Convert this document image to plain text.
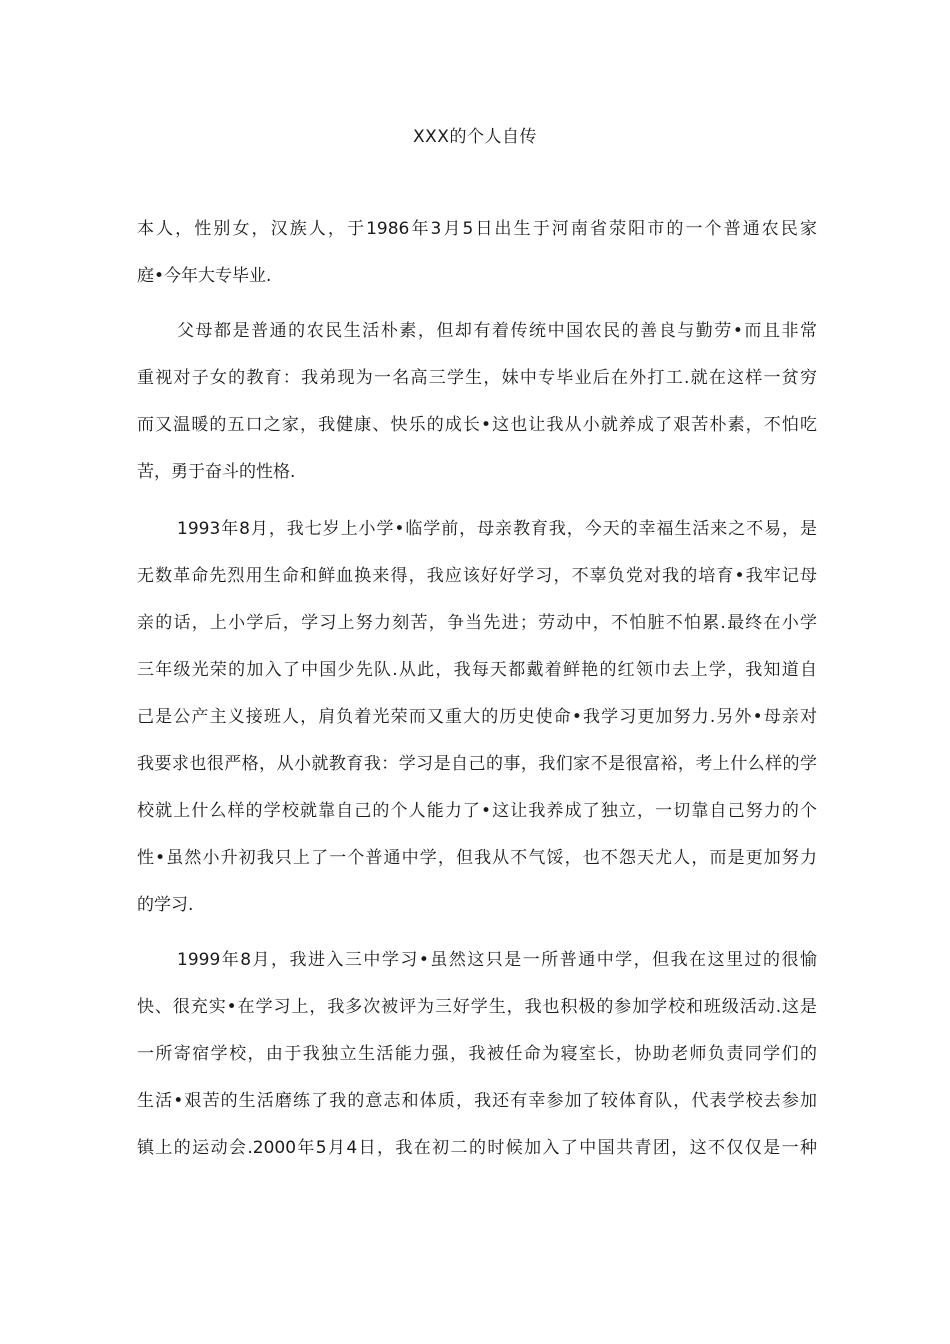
XXX的个人自传
本人，性别女，汉族人，于1986年3月5日出生于河南省荥阳市的一个普通农民家
庭•今年大专毕业.
父母都是普通的农民生活朴素，但却有着传统中国农民的善良与勤劳•而且非常
重视对子女的教育：我弟现为一名高三学生，妹中专毕业后在外打工.就在这样一贫穷
而又温暖的五口之家，我健康、快乐的成长•这也让我从小就养成了艰苦朴素，不怕吃
苦，勇于奋斗的性格.
1993年8月，我七岁上小学•临学前，母亲教育我，今天的幸福生活来之不易，是
无数革命先烈用生命和鲜血换来得，我应该好好学习，不辜负党对我的培育•我牢记母
亲的话，上小学后，学习上努力刻苦，争当先进；劳动中，不怕脏不怕累.最终在小学
三年级光荣的加入了中国少先队.从此，我每天都戴着鲜艳的红领巾去上学，我知道自
己是公产主义接班人，肩负着光荣而又重大的历史使命•我学习更加努力.另外•母亲对
我要求也很严格，从小就教育我：学习是自己的事，我们家不是很富裕，考上什么样的学
校就上什么样的学校就靠自己的个人能力了•这让我养成了独立，一切靠自己努力的个
性•虽然小升初我只上了一个普通中学，但我从不气馁，也不怨天尤人，而是更加努力
的学习.
1999年8月，我进入三中学习•虽然这只是一所普通中学，但我在这里过的很愉
快、很充实•在学习上，我多次被评为三好学生，我也积极的参加学校和班级活动.这是
一所寄宿学校，由于我独立生活能力强，我被任命为寝室长，协助老师负责同学们的
生活•艰苦的生活磨练了我的意志和体质，我还有幸参加了较体育队，代表学校去参加
镇上的运动会.2000年5月4日，我在初二的时候加入了中国共青团，这不仅仅是一种
